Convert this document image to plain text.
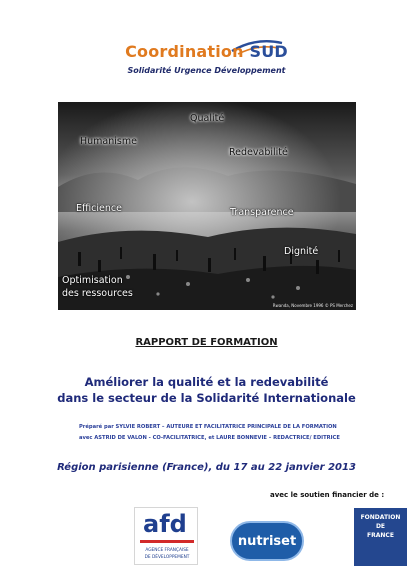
Coordination SUD
Solidarité Urgence Développement
Qualité
Humanisme
Redevabilité
Efficience	Transparence
Dignité
Optimisation
des ressources
Rwanda, Novembre 1996 © PS Merchez
RAPPORT DE FORMATION
Améliorer la qualité et la redevabilité
dans le secteur de la Solidarité Internationale
Préparé par SYLVIE ROBERT – AUTEURE ET FACILITATRICE PRINCIPALE DE LA FORMATION
avec ASTRID DE VALON - CO-FACILITATRICE, et LAURE BONNEVIE – REDACTRICE/ EDITRICE
Région parisienne (France), du 17 au 22 janvier 2013
avec le soutien financier de :
afd
AGENCE FRANÇAISE
DE DÉVELOPPEMENT
nutriset
FONDATION
DE
FRANCE
